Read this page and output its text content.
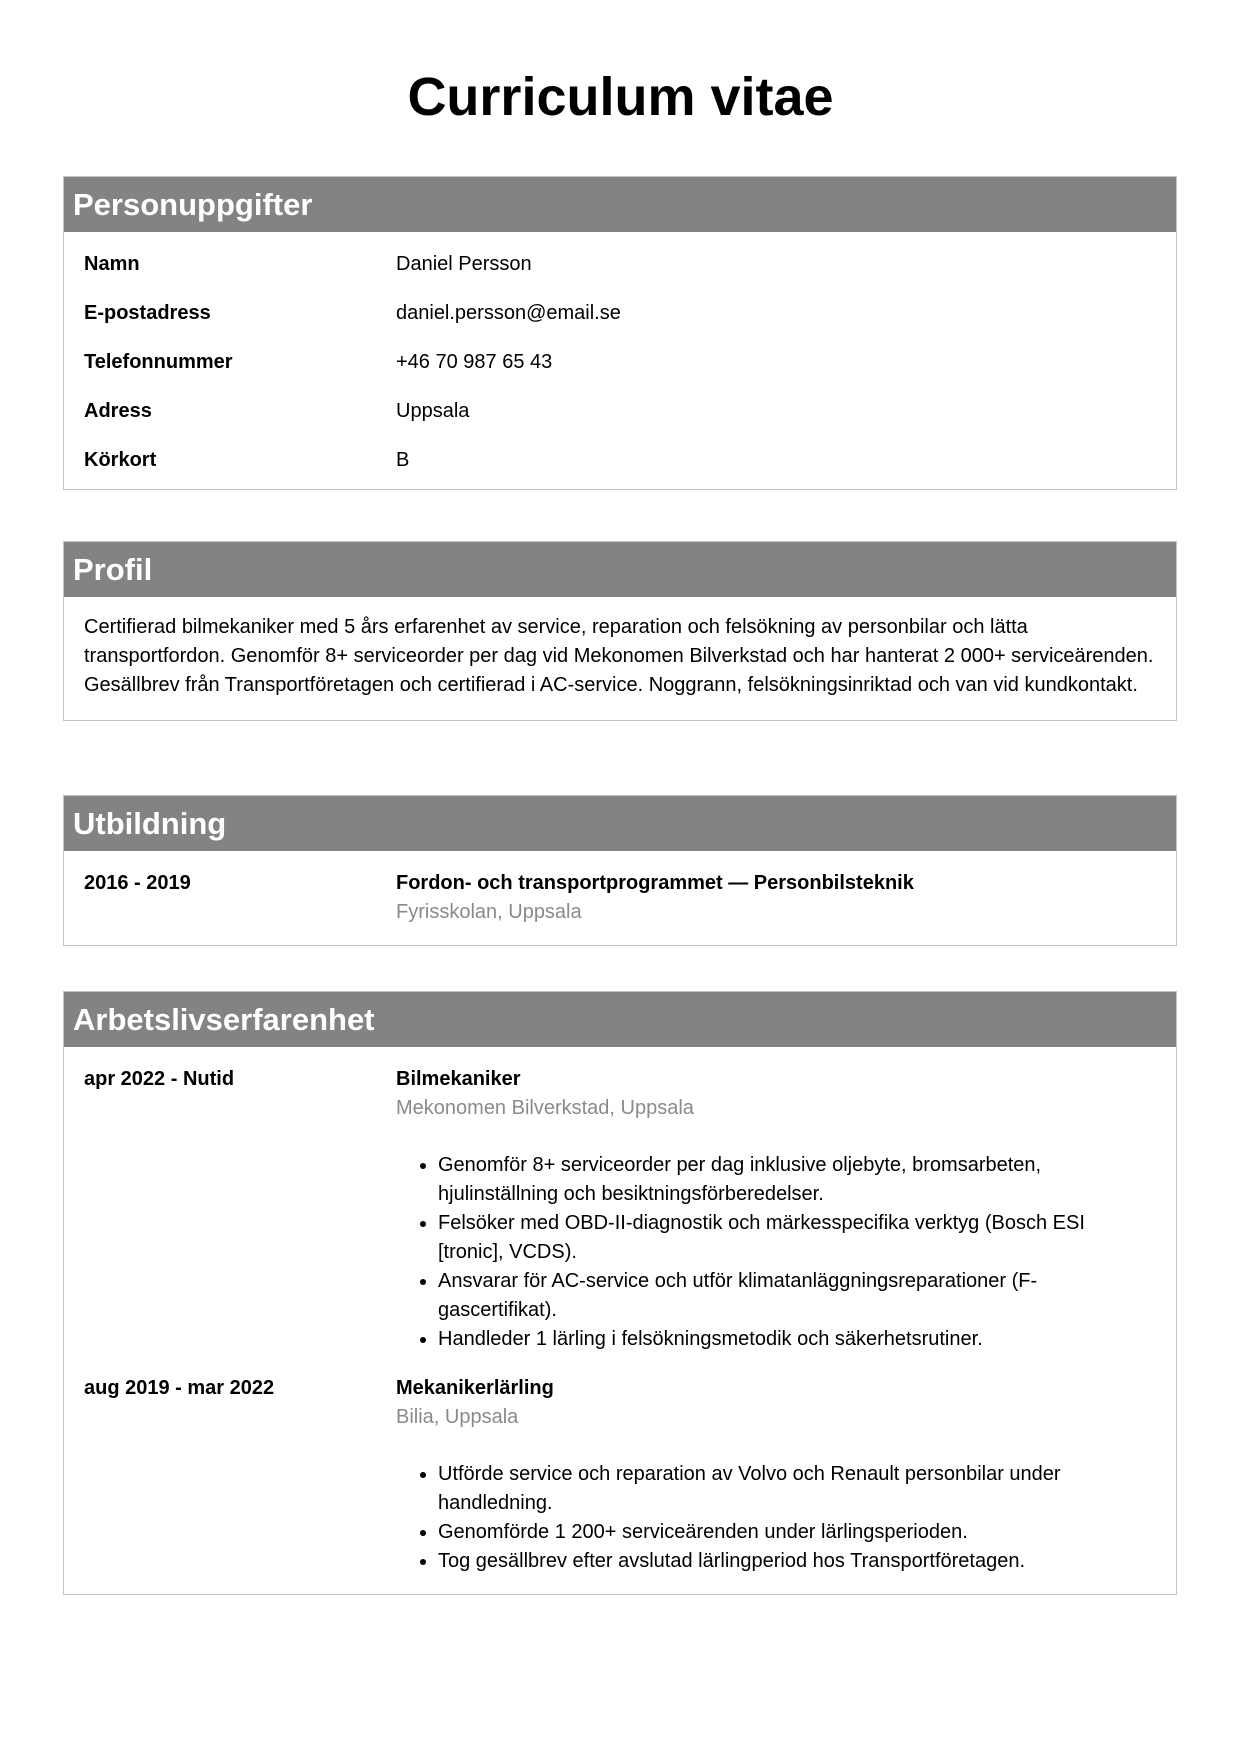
Curriculum vitae
Personuppgifter
Namn	Daniel Persson
E-postadress	daniel.persson@email.se
Telefonnummer	+46 70 987 65 43
Adress	Uppsala
Körkort	B
Profil

Certifierad bilmekaniker med 5 års erfarenhet av service, reparation och felsökning av personbilar och lätta transportfordon. Genomför 8+ serviceorder per dag vid Mekonomen Bilverkstad och har hanterat 2 000+ serviceärenden. Gesällbrev från Transportföretagen och certifierad i AC-service. Noggrann, felsökningsinriktad och van vid kundkontakt.

Utbildning
2016 - 2019	Fordon- och transportprogrammet — Personbilsteknik
Fyrisskolan, Uppsala
Arbetslivserfarenhet
apr 2022 - Nutid	Bilmekaniker
Mekonomen Bilverkstad, Uppsala
• Genomför 8+ serviceorder per dag inklusive oljebyte, bromsarbeten, hjulinställning och besiktningsförberedelser.
• Felsöker med OBD-II-diagnostik och märkesspecifika verktyg (Bosch ESI [tronic], VCDS).
• Ansvarar för AC-service och utför klimatanläggningsreparationer (F-gascertifikat).
• Handleder 1 lärling i felsökningsmetodik och säkerhetsrutiner.
aug 2019 - mar 2022	Mekanikerlärling
Bilia, Uppsala
• Utförde service och reparation av Volvo och Renault personbilar under handledning.
• Genomförde 1 200+ serviceärenden under lärlingsperioden.
• Tog gesällbrev efter avslutad lärlingperiod hos Transportföretagen.
